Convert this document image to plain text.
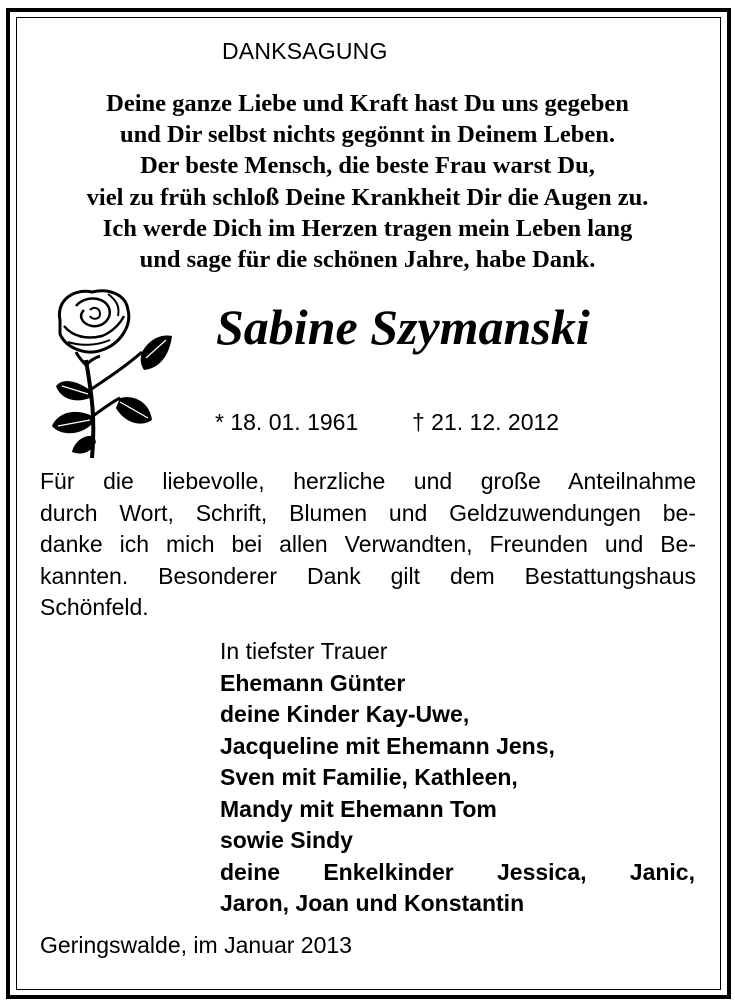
DANKSAGUNG
Deine ganze Liebe und Kraft hast Du uns gegeben
und Dir selbst nichts gegönnt in Deinem Leben.
Der beste Mensch, die beste Frau warst Du,
viel zu früh schloß Deine Krankheit Dir die Augen zu.
Ich werde Dich im Herzen tragen mein Leben lang
und sage für die schönen Jahre, habe Dank.
Sabine Szymanski
* 18. 01. 1961 † 21. 12. 2012
Für die liebevolle, herzliche und große Anteilnahme
durch Wort, Schrift, Blumen und Geldzuwendungen be-
danke ich mich bei allen Verwandten, Freunden und Be-
kannten. Besonderer Dank gilt dem Bestattungshaus
Schönfeld.
In tiefster Trauer
Ehemann Günter
deine Kinder Kay-Uwe,
Jacqueline mit Ehemann Jens,
Sven mit Familie, Kathleen,
Mandy mit Ehemann Tom
sowie Sindy
deine Enkelkinder Jessica, Janic,
Jaron, Joan und Konstantin
Geringswalde, im Januar 2013
